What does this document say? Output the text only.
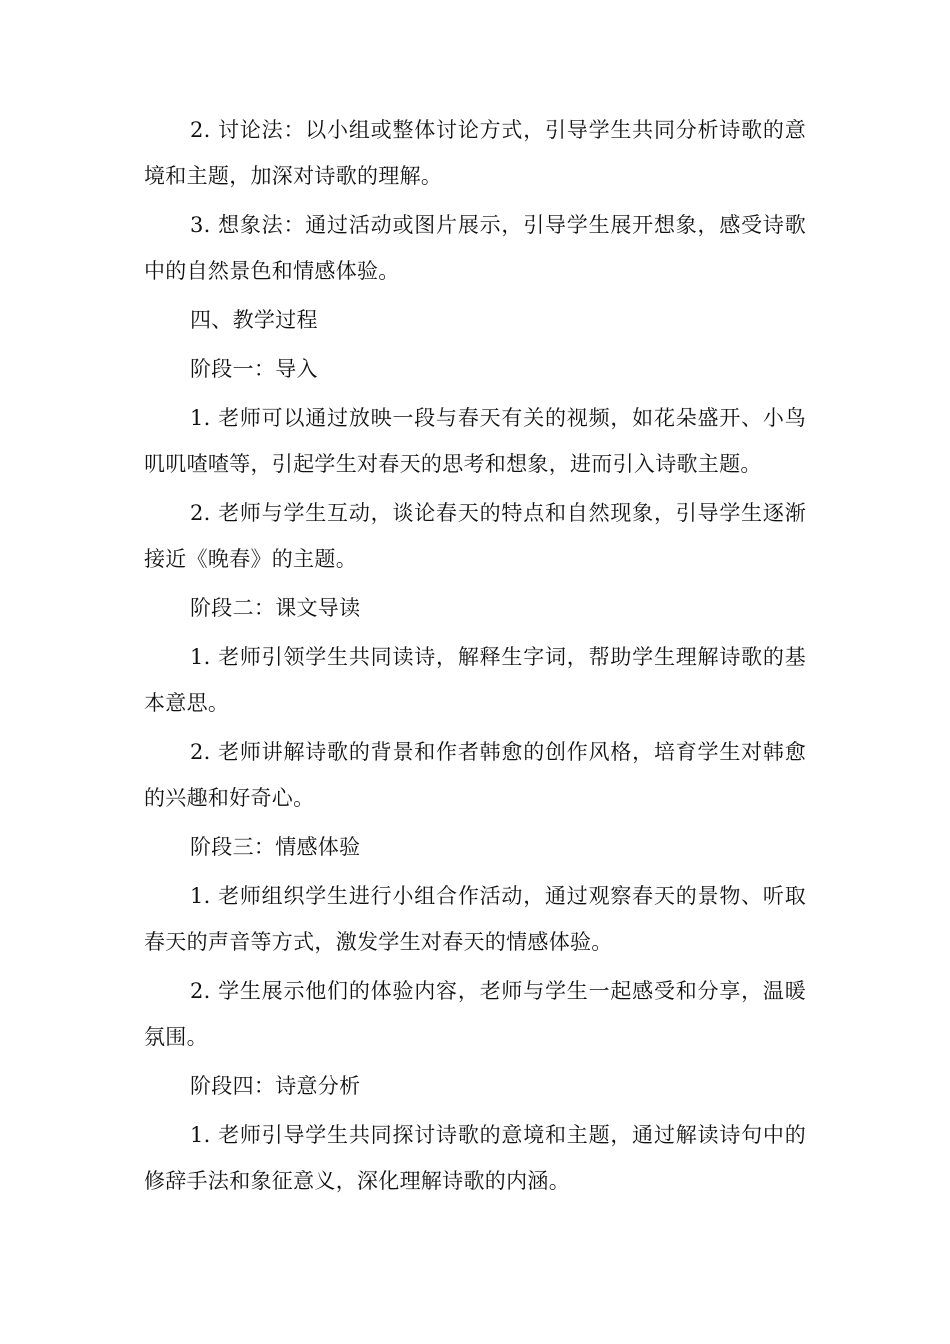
2. 讨论法：以小组或整体讨论方式，引导学生共同分析诗歌的意境和主题，加深对诗歌的理解。

3. 想象法：通过活动或图片展示，引导学生展开想象，感受诗歌中的自然景色和情感体验。

四、教学过程

阶段一：导入

1. 老师可以通过放映一段与春天有关的视频，如花朵盛开、小鸟叽叽喳喳等，引起学生对春天的思考和想象，进而引入诗歌主题。

2. 老师与学生互动，谈论春天的特点和自然现象，引导学生逐渐接近《晚春》的主题。

阶段二：课文导读

1. 老师引领学生共同读诗，解释生字词，帮助学生理解诗歌的基本意思。

2. 老师讲解诗歌的背景和作者韩愈的创作风格，培育学生对韩愈的兴趣和好奇心。

阶段三：情感体验

1. 老师组织学生进行小组合作活动，通过观察春天的景物、听取春天的声音等方式，激发学生对春天的情感体验。

2. 学生展示他们的体验内容，老师与学生一起感受和分享，温暖氛围。

阶段四：诗意分析

1. 老师引导学生共同探讨诗歌的意境和主题，通过解读诗句中的修辞手法和象征意义，深化理解诗歌的内涵。
